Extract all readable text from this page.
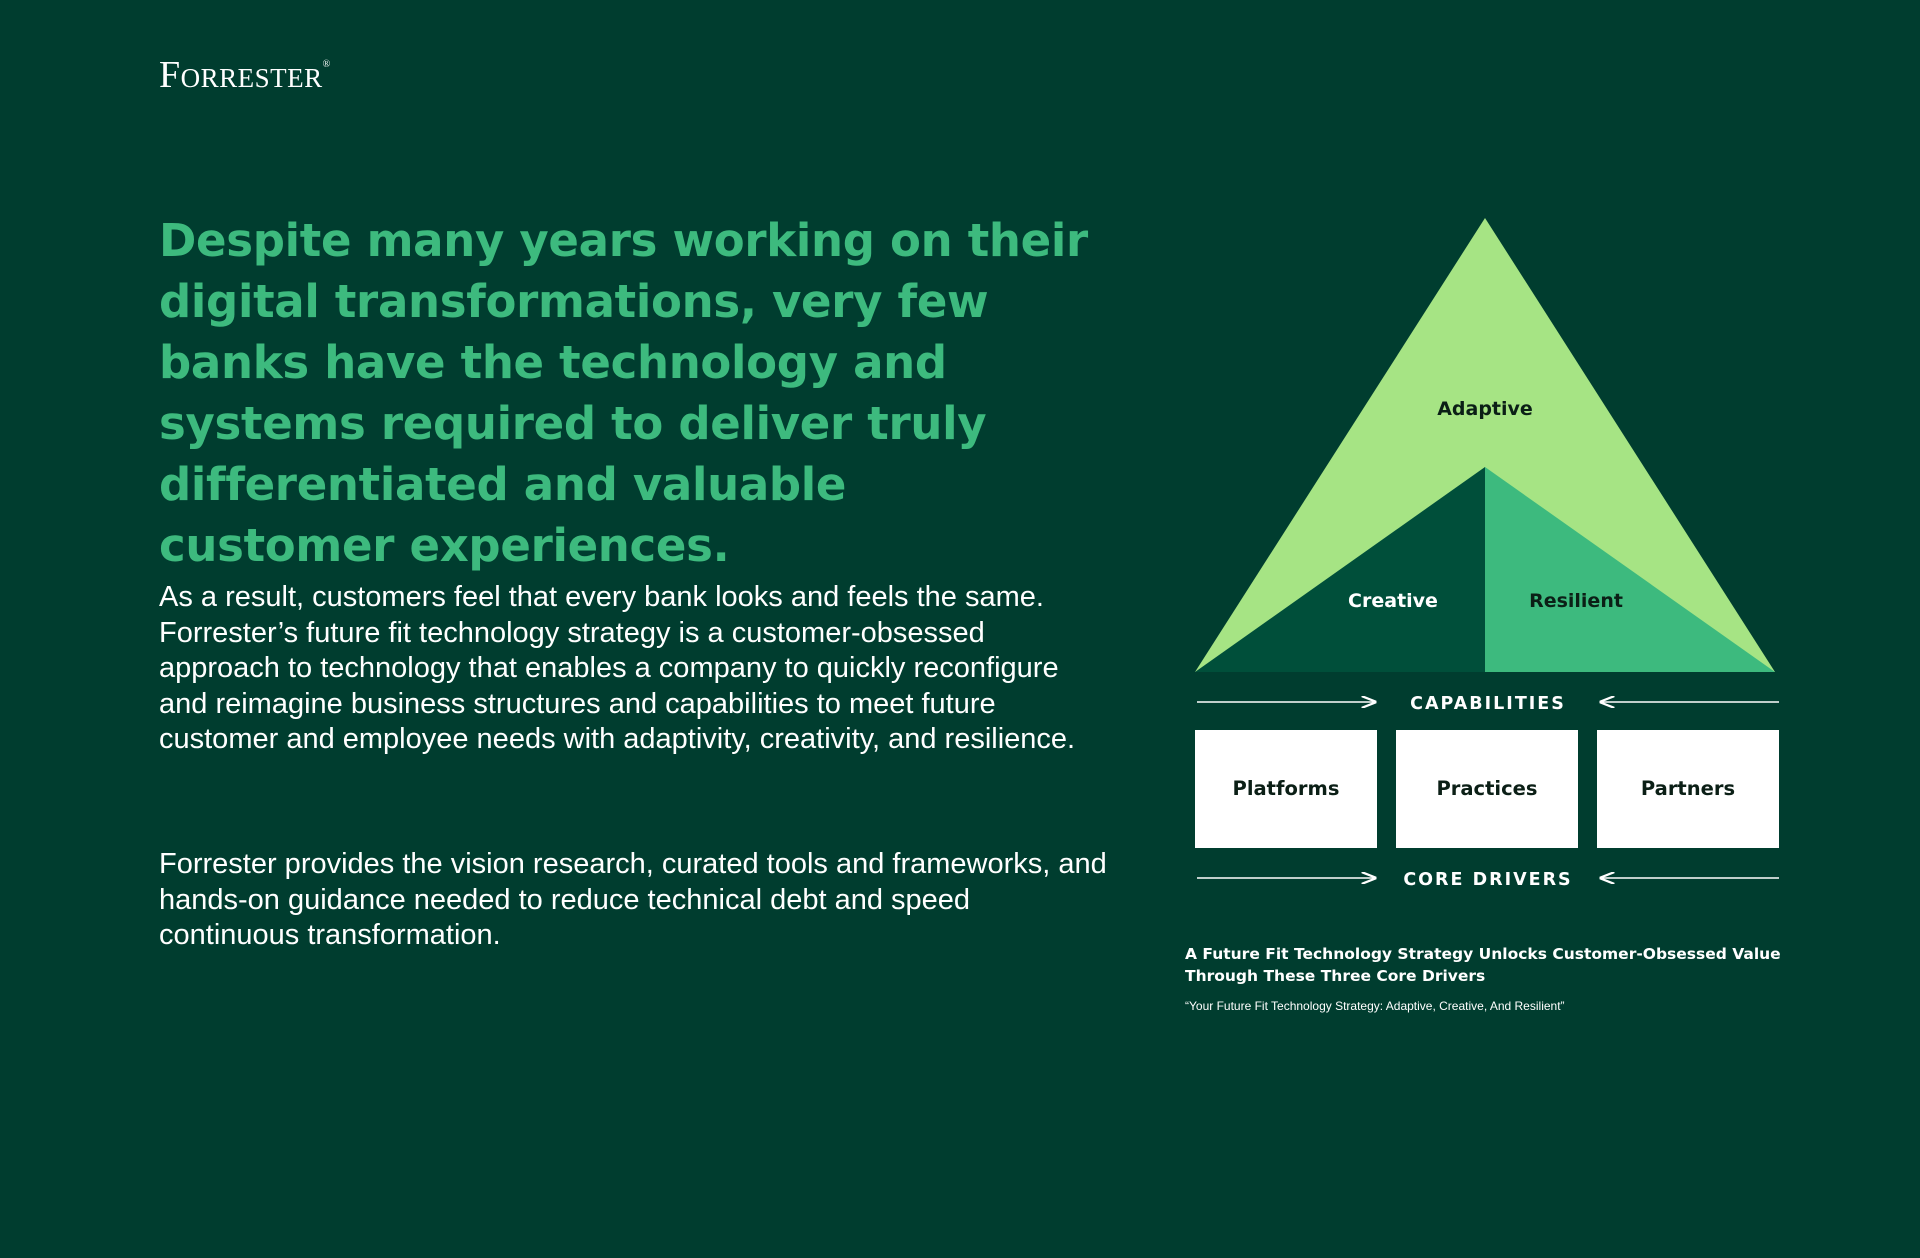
Forrester®
Despite many years working on their digital transformations, very few banks have the technology and systems required to deliver truly differentiated and valuable customer experiences.

As a result, customers feel that every bank looks and feels the same. Forrester’s future fit technology strategy is a customer-obsessed approach to technology that enables a company to quickly reconfigure and reimagine business structures and capabilities to meet future customer and employee needs with adaptivity, creativity, and resilience.

Forrester provides the vision research, curated tools and frameworks, and hands-on guidance needed to reduce technical debt and speed continuous transformation.

Adaptive
Creative	Resilient
CAPABILITIES
Platforms	Practices	Partners
CORE DRIVERS

A Future Fit Technology Strategy Unlocks Customer-Obsessed Value Through These Three Core Drivers

“Your Future Fit Technology Strategy: Adaptive, Creative, And Resilient”
